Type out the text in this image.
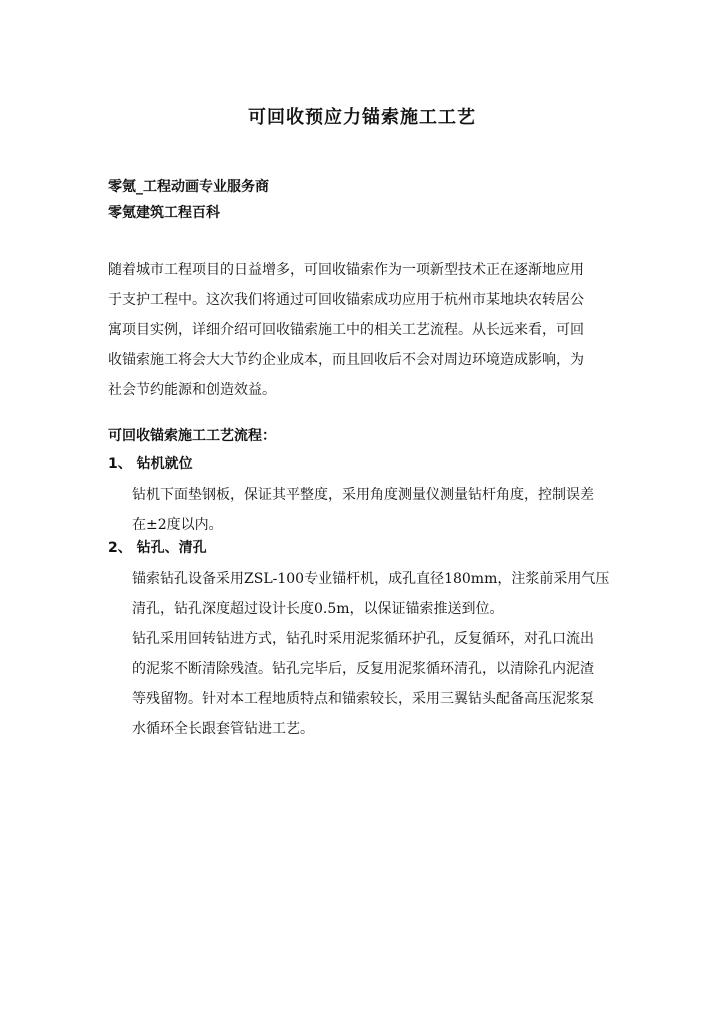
可回收预应力锚索施工工艺
零氪_工程动画专业服务商
零氪建筑工程百科
随着城市工程项目的日益增多，可回收锚索作为一项新型技术正在逐渐地应用
于支护工程中。这次我们将通过可回收锚索成功应用于杭州市某地块农转居公
寓项目实例，详细介绍可回收锚索施工中的相关工艺流程。从长远来看，可回
收锚索施工将会大大节约企业成本，而且回收后不会对周边环境造成影响，为
社会节约能源和创造效益。
可回收锚索施工工艺流程：
1、 钻机就位
钻机下面垫钢板，保证其平整度，采用角度测量仪测量钻杆角度，控制误差
在±2度以内。
2、 钻孔、清孔
锚索钻孔设备采用ZSL-100专业锚杆机，成孔直径180mm，注浆前采用气压
清孔，钻孔深度超过设计长度0.5m，以保证锚索推送到位。
钻孔采用回转钻进方式，钻孔时采用泥浆循环护孔，反复循环，对孔口流出
的泥浆不断清除残渣。钻孔完毕后，反复用泥浆循环清孔，以清除孔内泥渣
等残留物。针对本工程地质特点和锚索较长，采用三翼钻头配备高压泥浆泵
水循环全长跟套管钻进工艺。
